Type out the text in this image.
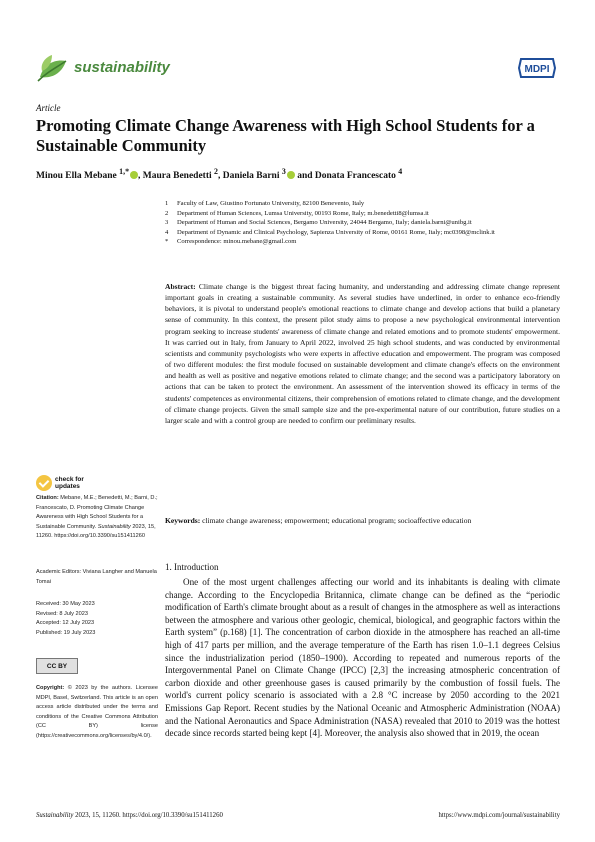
sustainability	MDPI
Article
Promoting Climate Change Awareness with High School Students for a Sustainable Community
Minou Ella Mebane $^{1,*}$ , Maura Benedetti $^2$, Daniela Barni $^3$ and Donata Francescato $^4$
1	Faculty of Law, Giustino Fortunato University, 82100 Benevento, Italy
2	Department of Human Sciences, Lumsa University, 00193 Rome, Italy; m.benedetti8@lumsa.it
3	Department of Human and Social Sciences, Bergamo University, 24044 Bergamo, Italy; daniela.barni@unibg.it
4	Department of Dynamic and Clinical Psychology, Sapienza University of Rome, 00161 Rome, Italy; mc0398@mclink.it
*	Correspondence: minou.mebane@gmail.com
Abstract: Climate change is the biggest threat facing humanity, and understanding and addressing climate change represent important goals in creating a sustainable community. As several studies have underlined, in order to enhance eco-friendly behaviors, it is pivotal to understand people's emotional reactions to climate change and develop actions that build a planetary sense of community. In this context, the present pilot study aims to propose a new psychological environmental intervention program seeking to increase students' awareness of climate change and related emotions and to promote students' empowerment. It was carried out in Italy, from January to April 2022, involved 25 high school students, and was conducted by environmental scientists and community psychologists who were experts in affective education and empowerment. The program was composed of two different modules: the first module focused on sustainable development and climate change's effects on the environment and health as well as positive and negative emotions related to climate change; and the second was a participatory laboratory on actions that can be taken to protect the environment. An assessment of the intervention showed its efficacy in terms of the students' competences as environmental citizens, their comprehension of emotions related to climate change, and the development of climate change projects. Given the small sample size and the pre-experimental nature of our contribution, future studies on a larger scale and with a control group are needed to confirm our preliminary results.
Keywords: climate change awareness; empowerment; educational program; socioaffective education
check for updates
Citation: Mebane, M.E.; Benedetti, M.; Barni, D.; Francescato, D. Promoting Climate Change Awareness with High School Students for a Sustainable Community. Sustainability 2023, 15, 11260. https://doi.org/10.3390/su151411260
Academic Editors: Viviana Langher and Manuela Tomai
Received: 30 May 2023
Revised: 8 July 2023
Accepted: 12 July 2023
Published: 19 July 2023
CC BY
Copyright: © 2023 by the authors. Licensee MDPI, Basel, Switzerland. This article is an open access article distributed under the terms and conditions of the Creative Commons Attribution (CC BY) license (https://creativecommons.org/licenses/by/4.0/).
1. Introduction
One of the most urgent challenges affecting our world and its inhabitants is dealing with climate change. According to the Encyclopedia Britannica, climate change can be defined as the “periodic modification of Earth's climate brought about as a result of changes in the atmosphere as well as interactions between the atmosphere and various other geologic, chemical, biological, and geographic factors within the Earth system” (p.168) [1]. The concentration of carbon dioxide in the atmosphere has reached an all-time high of 417 parts per million, and the average temperature of the Earth has risen 1.0–1.1 degrees Celsius since the industrialization period (1850–1900). According to repeated and numerous reports of the Intergovernmental Panel on Climate Change (IPCC) [2,3] the increasing atmospheric concentration of carbon dioxide and other greenhouse gases is caused primarily by the combustion of fossil fuels. The world's current policy scenario is associated with a 2.8 °C increase by 2050 according to the 2021 Emissions Gap Report. Recent studies by the National Oceanic and Atmospheric Administration (NOAA) and the National Aeronautics and Space Administration (NASA) revealed that 2010 to 2019 was the hottest decade since records started being kept [4]. Moreover, the analysis also showed that in 2019, the ocean
Sustainability 2023, 15, 11260. https://doi.org/10.3390/su151411260	https://www.mdpi.com/journal/sustainability
